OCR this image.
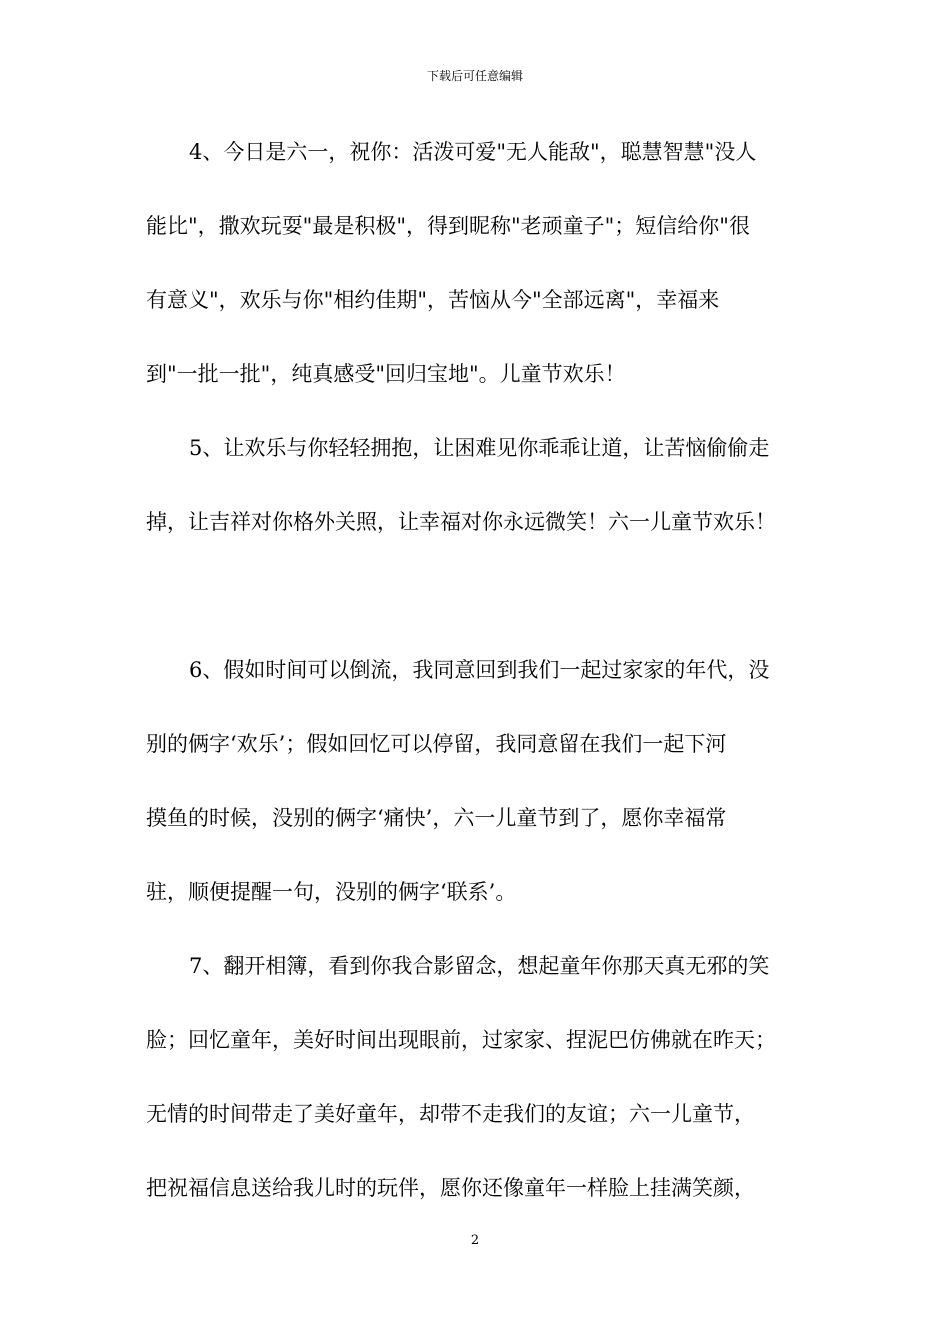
下载后可任意编辑
4、今日是六一，祝你：活泼可爱"无人能敌"，聪慧智慧"没人
能比"，撒欢玩耍"最是积极"，得到昵称"老顽童子"；短信给你"很
有意义"，欢乐与你"相约佳期"，苦恼从今"全部远离"，幸福来
到"一批一批"，纯真感受"回归宝地"。儿童节欢乐！
5、让欢乐与你轻轻拥抱，让困难见你乖乖让道，让苦恼偷偷走
掉，让吉祥对你格外关照，让幸福对你永远微笑！六一儿童节欢乐！
6、假如时间可以倒流，我同意回到我们一起过家家的年代，没
别的俩字‘欢乐’；假如回忆可以停留，我同意留在我们一起下河
摸鱼的时候，没别的俩字‘痛快’，六一儿童节到了，愿你幸福常
驻，顺便提醒一句，没别的俩字‘联系’。
7、翻开相簿，看到你我合影留念，想起童年你那天真无邪的笑
脸；回忆童年，美好时间出现眼前，过家家、捏泥巴仿佛就在昨天；
无情的时间带走了美好童年，却带不走我们的友谊；六一儿童节，
把祝福信息送给我儿时的玩伴，愿你还像童年一样脸上挂满笑颜，
2
